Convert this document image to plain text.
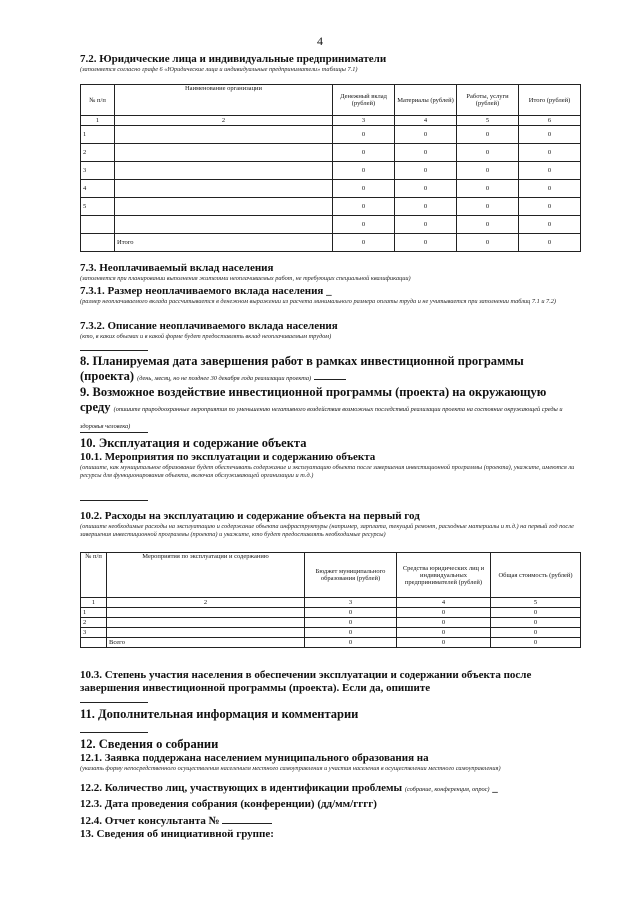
4
7.2. Юридические лица и индивидуальные предприниматели
(заполняется согласно графе 6 «Юридические лица и индивидуальные предприниматели» таблицы 7.1)
№ п/п	Наименование организации	Денежный вклад (рублей)	Материалы (рублей)	Работы, услуги (рублей)	Итого (рублей)
1	2	3	4	5	6
1		0	0	0	0
2		0	0	0	0
3		0	0	0	0
4		0	0	0	0
5		0	0	0	0
		0	0	0	0
	Итого	0	0	0	0
7.3. Неоплачиваемый вклад населения
(заполняется при планировании выполнения жителями неоплачиваемых работ, не требующих специальной квалификации)
7.3.1. Размер неоплачиваемого вклада населения _
(размер неоплачиваемого вклада рассчитывается в денежном выражении из расчета минимального размера оплаты труда и не учитывается при заполнении таблиц 7.1 и 7.2)
7.3.2. Описание неоплачиваемого вклада населения
(кто, в каких объемах и в какой форме будет предоставлять вклад неоплачиваемым трудом)
8. Планируемая дата завершения работ в рамках инвестиционной программы
(проекта) (день, месяц, но не позднее 30 декабря года реализации проекта)
9. Возможное воздействие инвестиционной программы (проекта) на окружающую
среду (опишите природоохранные мероприятия по уменьшению негативного воздействия возможных последствий реализации проекта на состояние окружающей среды и здоровья человека)
10. Эксплуатация и содержание объекта
10.1. Мероприятия по эксплуатации и содержанию объекта
(опишите, как муниципальное образование будет обеспечивать содержание и эксплуатацию объекта после завершения инвестиционной программы (проекта), укажите, имеются ли ресурсы для функционирования объекта, включая обслуживающей организации и т.д.)
10.2. Расходы на эксплуатацию и содержание объекта на первый год
(опишите необходимые расходы на эксплуатацию и содержание объекта инфраструктуры (например, зарплата, текущий ремонт, расходные материалы и т.д.) на первый год после завершения инвестиционной программы (проекта) и укажите, кто будет предоставлять необходимые ресурсы)
№ п/п	Мероприятия по эксплуатации и содержанию	Бюджет муниципального образования (рублей)	Средства юридических лиц и индивидуальных предпринимателей (рублей)	Общая стоимость (рублей)
1	2	3	4	5
1		0	0	0
2		0	0	0
3		0	0	0
	Всего	0	0	0
10.3. Степень участия населения в обеспечении эксплуатации и содержании объекта после
завершения инвестиционной программы (проекта). Если да, опишите
11. Дополнительная информация и комментарии
12. Сведения о собрании
12.1. Заявка поддержана населением муниципального образования на
(указать форму непосредственного осуществления населением местного самоуправления и участия населения в осуществлении местного самоуправления)
12.2. Количество лиц, участвующих в идентификации проблемы (собрание, конференция, опрос) _
12.3. Дата проведения собрания (конференции) (дд/мм/гггг)
12.4. Отчет консультанта №
13. Сведения об инициативной группе:
